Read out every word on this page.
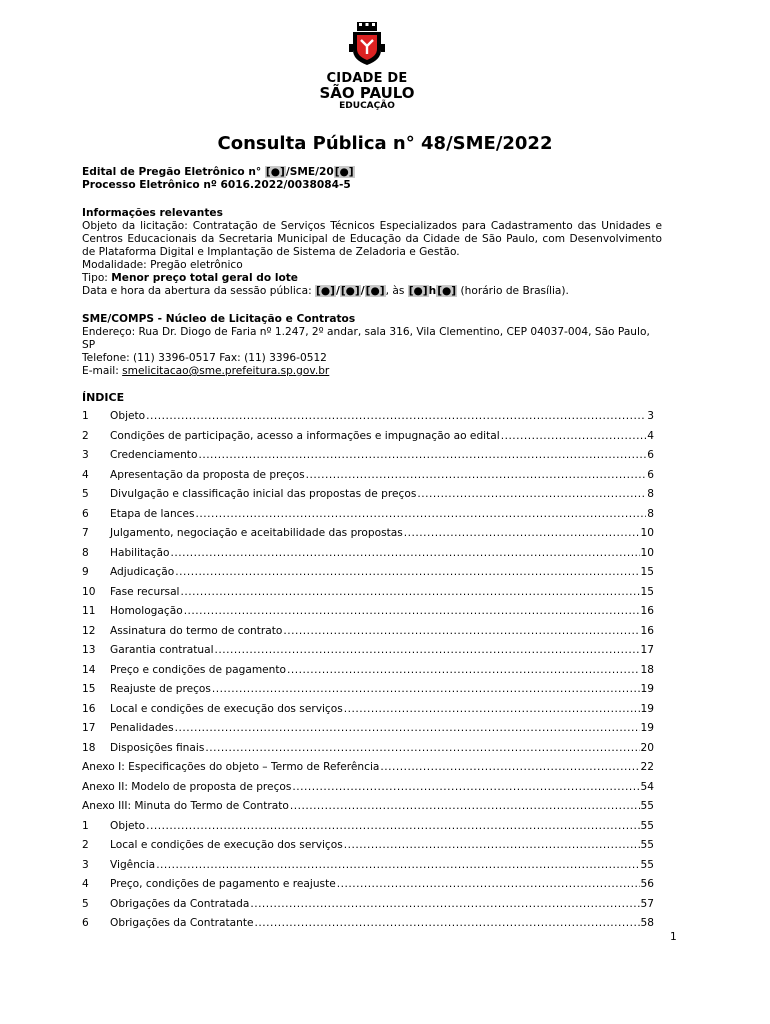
CIDADE DE
SÃO PAULO
EDUCAÇÃO
Consulta Pública n° 48/SME/2022
Edital de Pregão Eletrônico n° [●]/SME/20[●]
Processo Eletrônico nº 6016.2022/0038084-5
Informações relevantes
Objeto da licitação: Contratação de Serviços Técnicos Especializados para Cadastramento das Unidades e Centros Educacionais da Secretaria Municipal de Educação da Cidade de São Paulo, com Desenvolvimento de Plataforma Digital e Implantação de Sistema de Zeladoria e Gestão.
Modalidade: Pregão eletrônico
Tipo: Menor preço total geral do lote
Data e hora da abertura da sessão pública: [●]/[●]/[●], às [●]h[●] (horário de Brasília).
SME/COMPS - Núcleo de Licitação e Contratos
Endereço: Rua Dr. Diogo de Faria nº 1.247, 2º andar, sala 316, Vila Clementino, CEP 04037-004, São Paulo, SP
Telefone: (11) 3396-0517 Fax: (11) 3396-0512
E-mail: smelicitacao@sme.prefeitura.sp.gov.br
ÍNDICE
1	Objeto .....	3
2	Condições de participação, acesso a informações e impugnação ao edital .....	4
3	Credenciamento .....	6
4	Apresentação da proposta de preços .....	6
5	Divulgação e classificação inicial das propostas de preços .....	8
6	Etapa de lances .....	8
7	Julgamento, negociação e aceitabilidade das propostas .....	10
8	Habilitação .....	10
9	Adjudicação .....	15
10	Fase recursal .....	15
11	Homologação .....	16
12	Assinatura do termo de contrato .....	16
13	Garantia contratual .....	17
14	Preço e condições de pagamento .....	18
15	Reajuste de preços .....	19
16	Local e condições de execução dos serviços .....	19
17	Penalidades .....	19
18	Disposições finais .....	20
Anexo I: Especificações do objeto – Termo de Referência .....	22
Anexo II: Modelo de proposta de preços .....	54
Anexo III: Minuta do Termo de Contrato .....	55
1	Objeto .....	55
2	Local e condições de execução dos serviços .....	55
3	Vigência .....	55
4	Preço, condições de pagamento e reajuste .....	56
5	Obrigações da Contratada .....	57
6	Obrigações da Contratante .....	58
1
